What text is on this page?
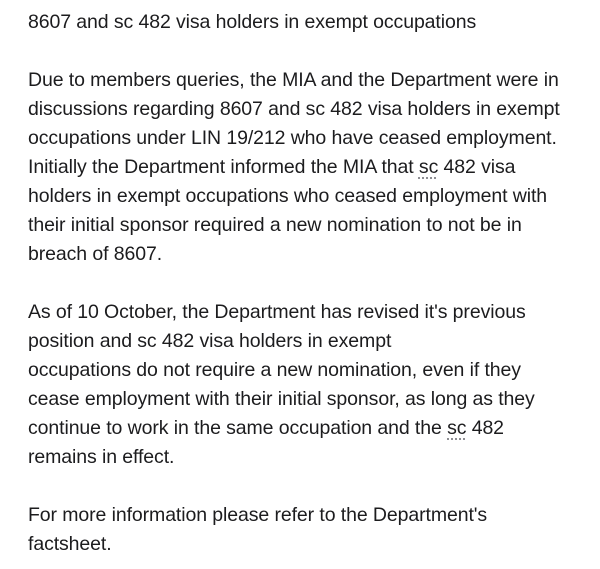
8607 and sc 482 visa holders in exempt occupations
Due to members queries, the MIA and the Department were in
discussions regarding 8607 and sc 482 visa holders in exempt
occupations under LIN 19/212 who have ceased employment.
Initially the Department informed the MIA that sc 482 visa
holders in exempt occupations who ceased employment with
their initial sponsor required a new nomination to not be in
breach of 8607.
As of 10 October, the Department has revised it's previous
position and sc 482 visa holders in exempt
occupations do not require a new nomination, even if they
cease employment with their initial sponsor, as long as they
continue to work in the same occupation and the sc 482
remains in effect.
For more information please refer to the Department's
factsheet.
